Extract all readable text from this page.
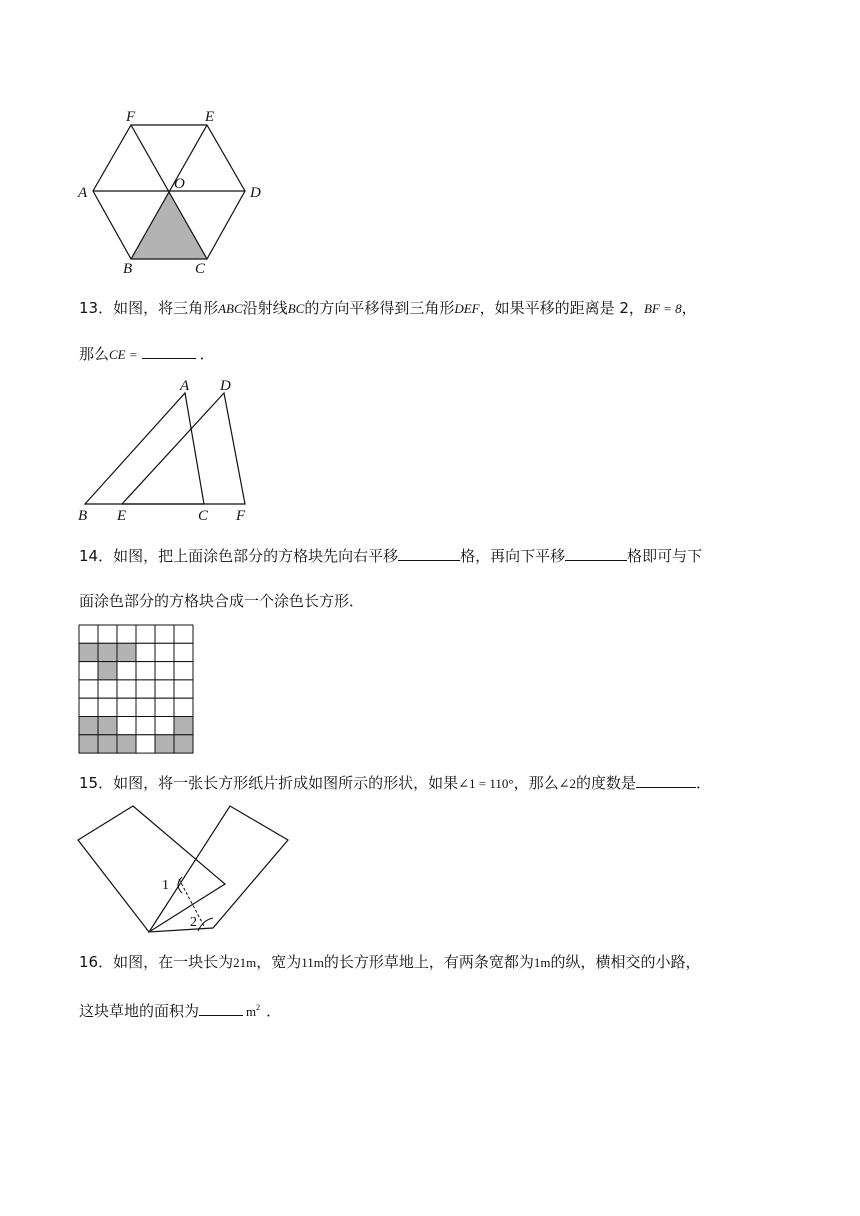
F	E
A
O
D
B	C
13．如图，将三角形ABC沿射线BC的方向平移得到三角形DEF，如果平移的距离是 2，BF = 8，
那么CE =	．
A D
B E	C F
14．如图，把上面涂色部分的方格块先向右平移	格，再向下平移	格即可与下
面涂色部分的方格块合成一个涂色长方形．
15．如图，将一张长方形纸片折成如图所示的形状，如果∠1 = 110°，那么∠2的度数是	．
1
2
16．如图，在一块长为21m，宽为11m的长方形草地上，有两条宽都为1m的纵，横相交的小路，
这块草地的面积为	$m^2$ ．
